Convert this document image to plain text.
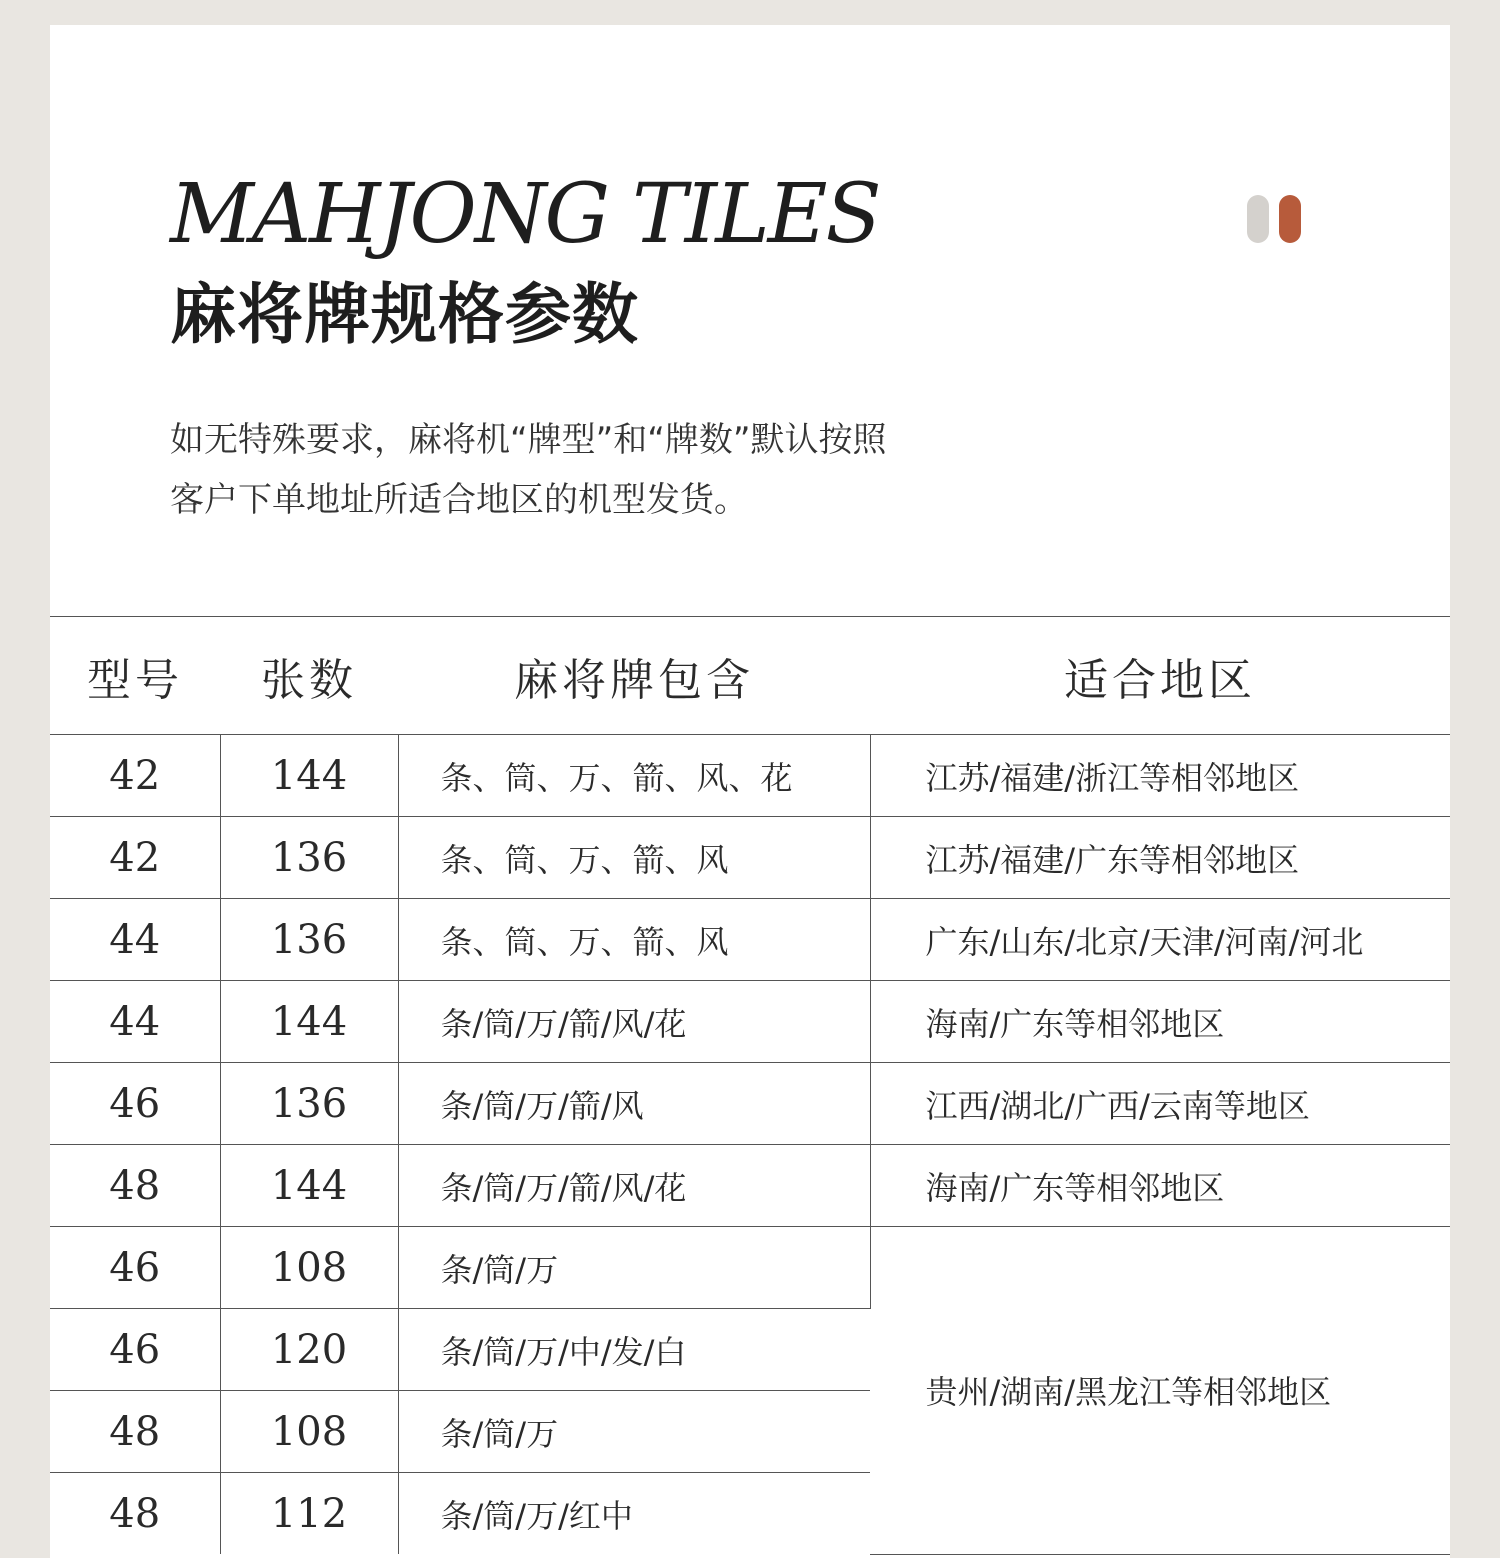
MAHJONG TILES
麻将牌规格参数

如无特殊要求，麻将机“牌型”和“牌数”默认按照

客户下单地址所适合地区的机型发货。

型号	张数	麻将牌包含	适合地区
42	144	条、筒、万、箭、风、花	江苏/福建/浙江等相邻地区
42	136	条、筒、万、箭、风	江苏/福建/广东等相邻地区
44	136	条、筒、万、箭、风	广东/山东/北京/天津/河南/河北
44	144	条/筒/万/箭/风/花	海南/广东等相邻地区
46	136	条/筒/万/箭/风	江西/湖北/广西/云南等地区
48	144	条/筒/万/箭/风/花	海南/广东等相邻地区
46	108	条/筒/万	贵州/湖南/黑龙江等相邻地区
46	120	条/筒/万/中/发/白	
48	108	条/筒/万	
48	112	条/筒/万/红中	
